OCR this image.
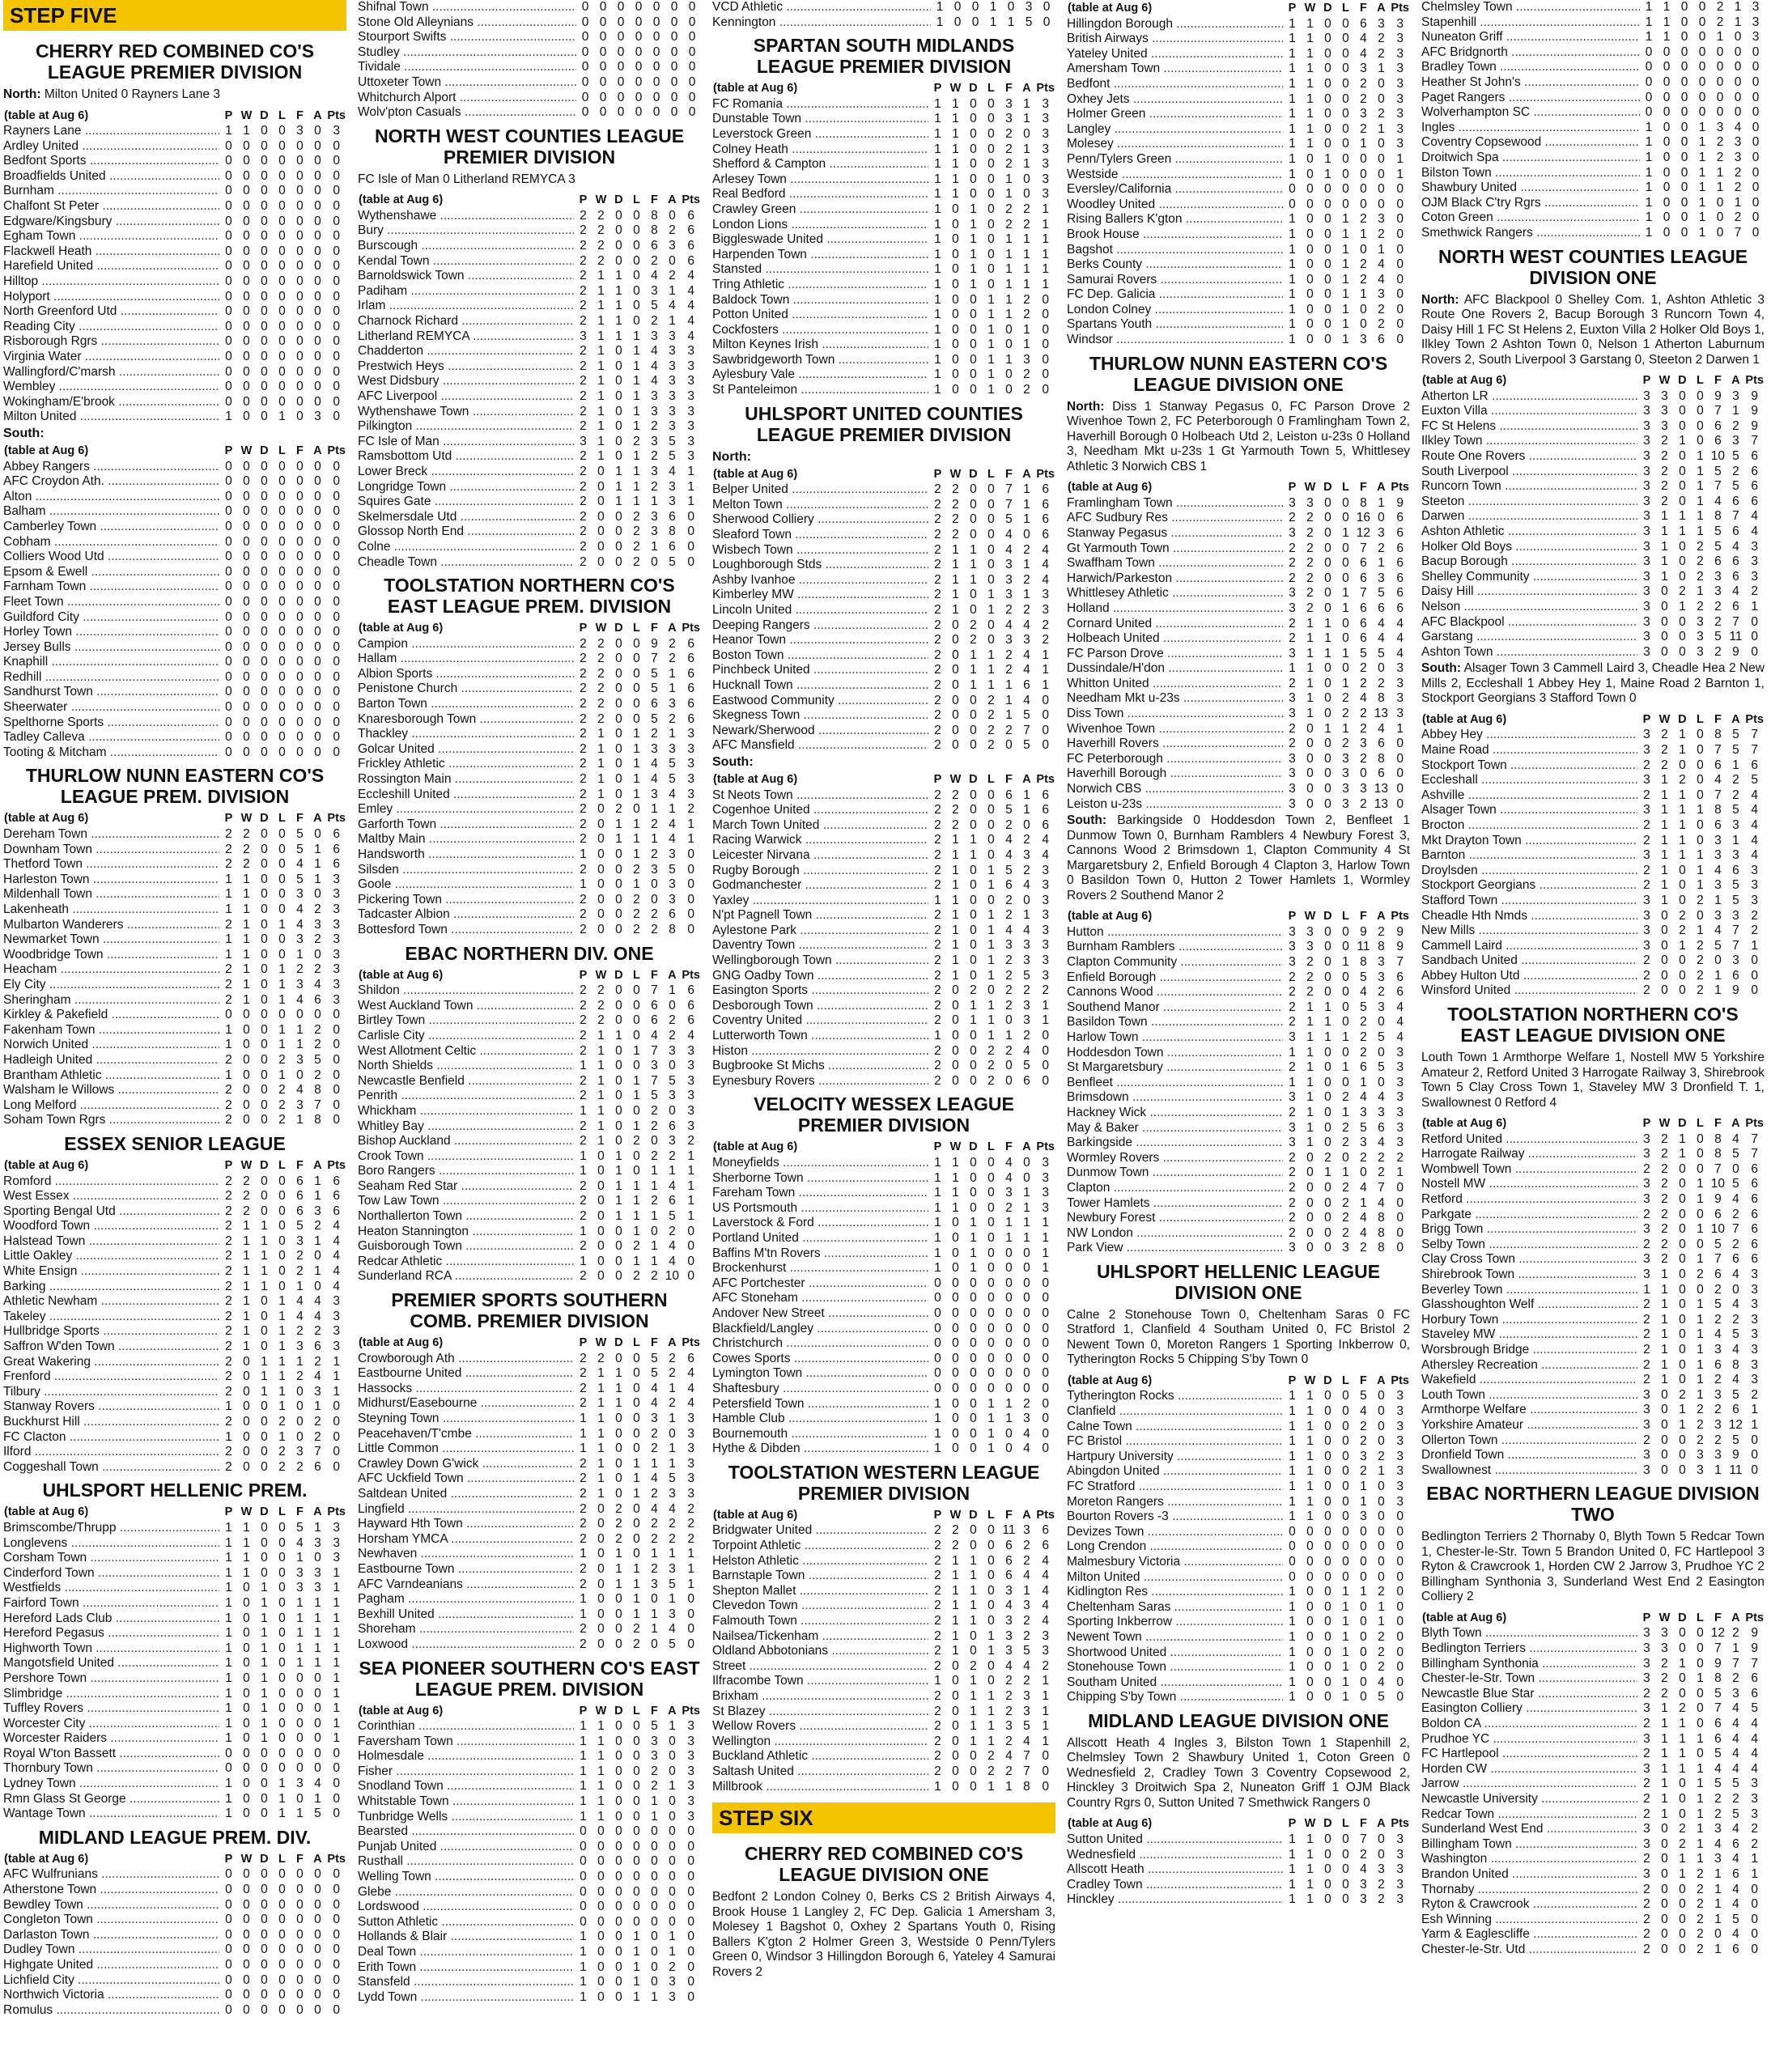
STEP FIVE
CHERRY RED COMBINED CO'S LEAGUE PREMIER DIVISION

North: Milton United 0 Rayners Lane 3

(table at Aug 6)	P	W	D	L	F	A	Pts
Rayners Lane .....	1	1	0	0	3	0	3
Ardley United .....	0	0	0	0	0	0	0
Bedfont Sports .....	0	0	0	0	0	0	0
Broadfields United .....	0	0	0	0	0	0	0
Burnham .....	0	0	0	0	0	0	0
Chalfont St Peter .....	0	0	0	0	0	0	0
Edgware/Kingsbury .....	0	0	0	0	0	0	0
Egham Town .....	0	0	0	0	0	0	0
Flackwell Heath .....	0	0	0	0	0	0	0
Harefield United .....	0	0	0	0	0	0	0
Hilltop .....	0	0	0	0	0	0	0
Holyport .....	0	0	0	0	0	0	0
North Greenford Utd .....	0	0	0	0	0	0	0
Reading City .....	0	0	0	0	0	0	0
Risborough Rgrs .....	0	0	0	0	0	0	0
Virginia Water .....	0	0	0	0	0	0	0
Wallingford/C'marsh .....	0	0	0	0	0	0	0
Wembley .....	0	0	0	0	0	0	0
Wokingham/E'brook .....	0	0	0	0	0	0	0
Milton United .....	1	0	0	1	0	3	0
South:
(table at Aug 6)	P	W	D	L	F	A	Pts
Abbey Rangers .....	0	0	0	0	0	0	0
AFC Croydon Ath. .....	0	0	0	0	0	0	0
Alton .....	0	0	0	0	0	0	0
Balham .....	0	0	0	0	0	0	0
Camberley Town .....	0	0	0	0	0	0	0
Cobham .....	0	0	0	0	0	0	0
Colliers Wood Utd .....	0	0	0	0	0	0	0
Epsom & Ewell .....	0	0	0	0	0	0	0
Farnham Town .....	0	0	0	0	0	0	0
Fleet Town .....	0	0	0	0	0	0	0
Guildford City .....	0	0	0	0	0	0	0
Horley Town .....	0	0	0	0	0	0	0
Jersey Bulls .....	0	0	0	0	0	0	0
Knaphill .....	0	0	0	0	0	0	0
Redhill .....	0	0	0	0	0	0	0
Sandhurst Town .....	0	0	0	0	0	0	0
Sheerwater .....	0	0	0	0	0	0	0
Spelthorne Sports .....	0	0	0	0	0	0	0
Tadley Calleva .....	0	0	0	0	0	0	0
Tooting & Mitcham .....	0	0	0	0	0	0	0
THURLOW NUNN EASTERN CO'S LEAGUE PREM. DIVISION
(table at Aug 6)	P	W	D	L	F	A	Pts
Dereham Town .....	2	2	0	0	5	0	6
Downham Town .....	2	2	0	0	5	1	6
Thetford Town .....	2	2	0	0	4	1	6
Harleston Town .....	1	1	0	0	5	1	3
Mildenhall Town .....	1	1	0	0	3	0	3
Lakenheath .....	1	1	0	0	4	2	3
Mulbarton Wanderers .....	2	1	0	1	4	3	3
Newmarket Town .....	1	1	0	0	3	2	3
Woodbridge Town .....	1	1	0	0	1	0	3
Heacham .....	2	1	0	1	2	2	3
Ely City .....	2	1	0	1	3	4	3
Sheringham .....	2	1	0	1	4	6	3
Kirkley & Pakefield .....	0	0	0	0	0	0	0
Fakenham Town .....	1	0	0	1	1	2	0
Norwich United .....	1	0	0	1	1	2	0
Hadleigh United .....	2	0	0	2	3	5	0
Brantham Athletic .....	1	0	0	1	0	2	0
Walsham le Willows .....	2	0	0	2	4	8	0
Long Melford .....	2	0	0	2	3	7	0
Soham Town Rgrs .....	2	0	0	2	1	8	0
ESSEX SENIOR LEAGUE
(table at Aug 6)	P	W	D	L	F	A	Pts
Romford .....	2	2	0	0	6	1	6
West Essex .....	2	2	0	0	6	1	6
Sporting Bengal Utd .....	2	2	0	0	6	3	6
Woodford Town .....	2	1	1	0	5	2	4
Halstead Town .....	2	1	1	0	3	1	4
Little Oakley .....	2	1	1	0	2	0	4
White Ensign .....	2	1	1	0	2	1	4
Barking .....	2	1	1	0	1	0	4
Athletic Newham .....	2	1	0	1	4	4	3
Takeley .....	2	1	0	1	4	4	3
Hullbridge Sports .....	2	1	0	1	2	2	3
Saffron W'den Town .....	2	1	0	1	3	6	3
Great Wakering .....	2	0	1	1	1	2	1
Frenford .....	2	0	1	1	2	4	1
Tilbury .....	2	0	1	1	0	3	1
Stanway Rovers .....	1	0	0	1	0	1	0
Buckhurst Hill .....	2	0	0	2	0	2	0
FC Clacton .....	1	0	0	1	0	2	0
Ilford .....	2	0	0	2	3	7	0
Coggeshall Town .....	2	0	0	2	2	6	0
UHLSPORT HELLENIC PREM.
(table at Aug 6)	P	W	D	L	F	A	Pts
Brimscombe/Thrupp .....	1	1	0	0	5	1	3
Longlevens .....	1	1	0	0	4	3	3
Corsham Town .....	1	1	0	0	1	0	3
Cinderford Town .....	1	1	0	0	3	3	1
Westfields .....	1	0	1	0	3	3	1
Fairford Town .....	1	0	1	0	1	1	1
Hereford Lads Club .....	1	0	1	0	1	1	1
Hereford Pegasus .....	1	0	1	0	1	1	1
Highworth Town .....	1	0	1	0	1	1	1
Mangotsfield United .....	1	0	1	0	1	1	1
Pershore Town .....	1	0	1	0	0	0	1
Slimbridge .....	1	0	1	0	0	0	1
Tuffley Rovers .....	1	0	1	0	0	0	1
Worcester City .....	1	0	1	0	0	0	1
Worcester Raiders .....	1	0	1	0	0	0	1
Royal W'ton Bassett .....	0	0	0	0	0	0	0
Thornbury Town .....	0	0	0	0	0	0	0
Lydney Town .....	1	0	0	1	3	4	0
Rmn Glass St George .....	1	0	0	1	0	1	0
Wantage Town .....	1	0	0	1	1	5	0
MIDLAND LEAGUE PREM. DIV.
(table at Aug 6)	P	W	D	L	F	A	Pts
AFC Wulfrunians .....	0	0	0	0	0	0	0
Atherstone Town .....	0	0	0	0	0	0	0
Bewdley Town .....	0	0	0	0	0	0	0
Congleton Town .....	0	0	0	0	0	0	0
Darlaston Town .....	0	0	0	0	0	0	0
Dudley Town .....	0	0	0	0	0	0	0
Highgate United .....	0	0	0	0	0	0	0
Lichfield City .....	0	0	0	0	0	0	0
Northwich Victoria .....	0	0	0	0	0	0	0
Romulus .....	0	0	0	0	0	0	0
Shifnal Town .....	0	0	0	0	0	0	0
Stone Old Alleynians .....	0	0	0	0	0	0	0
Stourport Swifts .....	0	0	0	0	0	0	0
Studley .....	0	0	0	0	0	0	0
Tividale .....	0	0	0	0	0	0	0
Uttoxeter Town .....	0	0	0	0	0	0	0
Whitchurch Alport .....	0	0	0	0	0	0	0
Wolv'pton Casuals .....	0	0	0	0	0	0	0
NORTH WEST COUNTIES LEAGUE PREMIER DIVISION

FC Isle of Man 0 Litherland REMYCA 3

(table at Aug 6)	P	W	D	L	F	A	Pts
Wythenshawe .....	2	2	0	0	8	0	6
Bury .....	2	2	0	0	8	2	6
Burscough .....	2	2	0	0	6	3	6
Kendal Town .....	2	2	0	0	2	0	6
Barnoldswick Town .....	2	1	1	0	4	2	4
Padiham .....	2	1	1	0	3	1	4
Irlam .....	2	1	1	0	5	4	4
Charnock Richard .....	2	1	1	0	2	1	4
Litherland REMYCA .....	3	1	1	1	3	3	4
Chadderton .....	2	1	0	1	4	3	3
Prestwich Heys .....	2	1	0	1	4	3	3
West Didsbury .....	2	1	0	1	4	3	3
AFC Liverpool .....	2	1	0	1	3	3	3
Wythenshawe Town .....	2	1	0	1	3	3	3
Pilkington .....	2	1	0	1	2	3	3
FC Isle of Man .....	3	1	0	2	3	5	3
Ramsbottom Utd .....	2	1	0	1	2	5	3
Lower Breck .....	2	0	1	1	3	4	1
Longridge Town .....	2	0	1	1	2	3	1
Squires Gate .....	2	0	1	1	1	3	1
Skelmersdale Utd .....	2	0	0	2	3	6	0
Glossop North End .....	2	0	0	2	3	8	0
Colne .....	2	0	0	2	1	6	0
Cheadle Town .....	2	0	0	2	0	5	0
TOOLSTATION NORTHERN CO'S EAST LEAGUE PREM. DIVISION
(table at Aug 6)	P	W	D	L	F	A	Pts
Campion .....	2	2	0	0	9	2	6
Hallam .....	2	2	0	0	7	2	6
Albion Sports .....	2	2	0	0	5	1	6
Penistone Church .....	2	2	0	0	5	1	6
Barton Town .....	2	2	0	0	6	3	6
Knaresborough Town .....	2	2	0	0	5	2	6
Thackley .....	2	1	0	1	2	1	3
Golcar United .....	2	1	0	1	3	3	3
Frickley Athletic .....	2	1	0	1	4	5	3
Rossington Main .....	2	1	0	1	4	5	3
Eccleshill United .....	2	1	0	1	3	4	3
Emley .....	2	0	2	0	1	1	2
Garforth Town .....	2	0	1	1	2	4	1
Maltby Main .....	2	0	1	1	1	4	1
Handsworth .....	1	0	0	1	2	3	0
Silsden .....	2	0	0	2	3	5	0
Goole .....	1	0	0	1	0	3	0
Pickering Town .....	2	0	0	2	0	3	0
Tadcaster Albion .....	2	0	0	2	2	6	0
Bottesford Town .....	2	0	0	2	2	8	0
EBAC NORTHERN DIV. ONE
(table at Aug 6)	P	W	D	L	F	A	Pts
Shildon .....	2	2	0	0	7	1	6
West Auckland Town .....	2	2	0	0	6	0	6
Birtley Town .....	2	2	0	0	6	2	6
Carlisle City .....	2	1	1	0	4	2	4
West Allotment Celtic .....	2	1	0	1	7	3	3
North Shields .....	1	1	0	0	3	0	3
Newcastle Benfield .....	2	1	0	1	7	5	3
Penrith .....	2	1	0	1	5	3	3
Whickham .....	1	1	0	0	2	0	3
Whitley Bay .....	2	1	0	1	2	6	3
Bishop Auckland .....	2	1	0	2	0	3	2
Crook Town .....	1	0	1	0	2	2	1
Boro Rangers .....	1	0	1	0	1	1	1
Seaham Red Star .....	2	0	1	1	1	4	1
Tow Law Town .....	2	0	1	1	2	6	1
Northallerton Town .....	2	0	1	1	1	5	1
Heaton Stannington .....	1	0	0	1	0	2	0
Guisborough Town .....	2	0	0	2	1	4	0
Redcar Athletic .....	1	0	0	1	1	4	0
Sunderland RCA .....	2	0	0	2	2	10	0
PREMIER SPORTS SOUTHERN COMB. PREMIER DIVISION
(table at Aug 6)	P	W	D	L	F	A	Pts
Crowborough Ath .....	2	2	0	0	5	2	6
Eastbourne United .....	2	1	1	0	5	2	4
Hassocks .....	2	1	1	0	4	1	4
Midhurst/Easebourne .....	2	1	1	0	4	2	4
Steyning Town .....	1	1	0	0	3	1	3
Peacehaven/T'cmbe .....	1	1	0	0	2	0	3
Little Common .....	1	1	0	0	2	1	3
Crawley Down G'wick .....	2	1	0	1	1	1	3
AFC Uckfield Town .....	2	1	0	1	4	5	3
Saltdean United .....	2	1	0	1	2	3	3
Lingfield .....	2	0	2	0	4	4	2
Hayward Hth Town .....	2	0	2	0	2	2	2
Horsham YMCA .....	2	0	2	0	2	2	2
Newhaven .....	1	0	1	0	1	1	1
Eastbourne Town .....	2	0	1	1	2	3	1
AFC Varndeanians .....	2	0	1	1	3	5	1
Pagham .....	1	0	0	1	0	1	0
Bexhill United .....	1	0	0	1	1	3	0
Shoreham .....	2	0	0	2	1	4	0
Loxwood .....	2	0	0	2	0	5	0
SEA PIONEER SOUTHERN CO'S EAST LEAGUE PREM. DIVISION
(table at Aug 6)	P	W	D	L	F	A	Pts
Corinthian .....	1	1	0	0	5	1	3
Faversham Town .....	1	1	0	0	3	0	3
Holmesdale .....	1	1	0	0	3	0	3
Fisher .....	1	1	0	0	2	0	3
Snodland Town .....	1	1	0	0	2	1	3
Whitstable Town .....	1	1	0	0	1	0	3
Tunbridge Wells .....	1	1	0	0	1	0	3
Bearsted .....	0	0	0	0	0	0	0
Punjab United .....	0	0	0	0	0	0	0
Rusthall .....	0	0	0	0	0	0	0
Welling Town .....	0	0	0	0	0	0	0
Glebe .....	0	0	0	0	0	0	0
Lordswood .....	0	0	0	0	0	0	0
Sutton Athletic .....	0	0	0	0	0	0	0
Hollands & Blair .....	1	0	0	1	0	1	0
Deal Town .....	1	0	0	1	0	1	0
Erith Town .....	1	0	0	1	0	2	0
Stansfeld .....	1	0	0	1	0	3	0
Lydd Town .....	1	0	0	1	1	3	0
VCD Athletic .....	1	0	0	1	0	3	0
Kennington .....	1	0	0	1	1	5	0
SPARTAN SOUTH MIDLANDS LEAGUE PREMIER DIVISION
(table at Aug 6)	P	W	D	L	F	A	Pts
FC Romania .....	1	1	0	0	3	1	3
Dunstable Town .....	1	1	0	0	3	1	3
Leverstock Green .....	1	1	0	0	2	0	3
Colney Heath .....	1	1	0	0	2	1	3
Shefford & Campton .....	1	1	0	0	2	1	3
Arlesey Town .....	1	1	0	0	1	0	3
Real Bedford .....	1	1	0	0	1	0	3
Crawley Green .....	1	0	1	0	2	2	1
London Lions .....	1	0	1	0	2	2	1
Biggleswade United .....	1	0	1	0	1	1	1
Harpenden Town .....	1	0	1	0	1	1	1
Stansted .....	1	0	1	0	1	1	1
Tring Athletic .....	1	0	1	0	1	1	1
Baldock Town .....	1	0	0	1	1	2	0
Potton United .....	1	0	0	1	1	2	0
Cockfosters .....	1	0	0	1	0	1	0
Milton Keynes Irish .....	1	0	0	1	0	1	0
Sawbridgeworth Town .....	1	0	0	1	1	3	0
Aylesbury Vale .....	1	0	0	1	0	2	0
St Panteleimon .....	1	0	0	1	0	2	0
UHLSPORT UNITED COUNTIES LEAGUE PREMIER DIVISION
North:
(table at Aug 6)	P	W	D	L	F	A	Pts
Belper United .....	2	2	0	0	7	1	6
Melton Town .....	2	2	0	0	7	1	6
Sherwood Colliery .....	2	2	0	0	5	1	6
Sleaford Town .....	2	2	0	0	4	0	6
Wisbech Town .....	2	1	1	0	4	2	4
Loughborough Stds .....	2	1	1	0	3	1	4
Ashby Ivanhoe .....	2	1	1	0	3	2	4
Kimberley MW .....	2	1	0	1	3	1	3
Lincoln United .....	2	1	0	1	2	2	3
Deeping Rangers .....	2	0	2	0	4	4	2
Heanor Town .....	2	0	2	0	3	3	2
Boston Town .....	2	0	1	1	2	4	1
Pinchbeck United .....	2	0	1	1	2	4	1
Hucknall Town .....	2	0	1	1	1	6	1
Eastwood Community .....	2	0	0	2	1	4	0
Skegness Town .....	2	0	0	2	1	5	0
Newark/Sherwood .....	2	0	0	2	2	7	0
AFC Mansfield .....	2	0	0	2	0	5	0
South:
(table at Aug 6)	P	W	D	L	F	A	Pts
St Neots Town .....	2	2	0	0	6	1	6
Cogenhoe United .....	2	2	0	0	5	1	6
March Town United .....	2	2	0	0	2	0	6
Racing Warwick .....	2	1	1	0	4	2	4
Leicester Nirvana .....	2	1	1	0	4	3	4
Rugby Borough .....	2	1	0	1	5	2	3
Godmanchester .....	2	1	0	1	6	4	3
Yaxley .....	1	1	0	0	2	0	3
N'pt Pagnell Town .....	2	1	0	1	2	1	3
Aylestone Park .....	2	1	0	1	4	4	3
Daventry Town .....	2	1	0	1	3	3	3
Wellingborough Town .....	2	1	0	1	2	3	3
GNG Oadby Town .....	2	1	0	1	2	5	3
Easington Sports .....	2	0	2	0	2	2	2
Desborough Town .....	2	0	1	1	2	3	1
Coventry United .....	2	0	1	1	0	3	1
Lutterworth Town .....	1	0	0	1	1	2	0
Histon .....	2	0	0	2	2	4	0
Bugbrooke St Michs .....	2	0	0	2	0	5	0
Eynesbury Rovers .....	2	0	0	2	0	6	0
VELOCITY WESSEX LEAGUE PREMIER DIVISION
(table at Aug 6)	P	W	D	L	F	A	Pts
Moneyfields .....	1	1	0	0	4	0	3
Sherborne Town .....	1	1	0	0	4	0	3
Fareham Town .....	1	1	0	0	3	1	3
US Portsmouth .....	1	1	0	0	2	1	3
Laverstock & Ford .....	1	0	1	0	1	1	1
Portland United .....	1	0	1	0	1	1	1
Baffins M'tn Rovers .....	1	0	1	0	0	0	1
Brockenhurst .....	1	0	1	0	0	0	1
AFC Portchester .....	0	0	0	0	0	0	0
AFC Stoneham .....	0	0	0	0	0	0	0
Andover New Street .....	0	0	0	0	0	0	0
Blackfield/Langley .....	0	0	0	0	0	0	0
Christchurch .....	0	0	0	0	0	0	0
Cowes Sports .....	0	0	0	0	0	0	0
Lymington Town .....	0	0	0	0	0	0	0
Shaftesbury .....	0	0	0	0	0	0	0
Petersfield Town .....	1	0	0	1	1	2	0
Hamble Club .....	1	0	0	1	1	3	0
Bournemouth .....	1	0	0	1	0	4	0
Hythe & Dibden .....	1	0	0	1	0	4	0
TOOLSTATION WESTERN LEAGUE PREMIER DIVISION
(table at Aug 6)	P	W	D	L	F	A	Pts
Bridgwater United .....	2	2	0	0	11	3	6
Torpoint Athletic .....	2	2	0	0	6	2	6
Helston Athletic .....	2	1	1	0	6	2	4
Barnstaple Town .....	2	1	1	0	6	4	4
Shepton Mallet .....	2	1	1	0	3	1	4
Clevedon Town .....	2	1	1	0	4	3	4
Falmouth Town .....	2	1	1	0	3	2	4
Nailsea/Tickenham .....	2	1	0	1	3	2	3
Oldland Abbotonians .....	2	1	0	1	3	5	3
Street .....	2	0	2	0	4	4	2
Ilfracombe Town .....	1	0	1	0	2	2	1
Brixham .....	2	0	1	1	2	3	1
St Blazey .....	2	0	1	1	2	3	1
Wellow Rovers .....	2	0	1	1	3	5	1
Wellington .....	2	0	1	1	2	4	1
Buckland Athletic .....	2	0	0	2	4	7	0
Saltash United .....	2	0	0	2	2	7	0
Millbrook .....	1	0	0	1	1	8	0
STEP SIX
CHERRY RED COMBINED CO'S LEAGUE DIVISION ONE

Bedfont 2 London Colney 0, Berks CS 2 British Airways 4, Brook House 1 Langley 2, FC Dep. Galicia 1 Amersham 3, Molesey 1 Bagshot 0, Oxhey 2 Spartans Youth 0, Rising Ballers K'gton 2 Holmer Green 3, Westside 0 Penn/Tylers Green 0, Windsor 3 Hillingdon Borough 6, Yateley 4 Samurai Rovers 2

(table at Aug 6)	P	W	D	L	F	A	Pts
Hillingdon Borough .....	1	1	0	0	6	3	3
British Airways .....	1	1	0	0	4	2	3
Yateley United .....	1	1	0	0	4	2	3
Amersham Town .....	1	1	0	0	3	1	3
Bedfont .....	1	1	0	0	2	0	3
Oxhey Jets .....	1	1	0	0	2	0	3
Holmer Green .....	1	1	0	0	3	2	3
Langley .....	1	1	0	0	2	1	3
Molesey .....	1	1	0	0	1	0	3
Penn/Tylers Green .....	1	0	1	0	0	0	1
Westside .....	1	0	1	0	0	0	1
Eversley/California .....	0	0	0	0	0	0	0
Woodley United .....	0	0	0	0	0	0	0
Rising Ballers K'gton .....	1	0	0	1	2	3	0
Brook House .....	1	0	0	1	1	2	0
Bagshot .....	1	0	0	1	0	1	0
Berks County .....	1	0	0	1	2	4	0
Samurai Rovers .....	1	0	0	1	2	4	0
FC Dep. Galicia .....	1	0	0	1	1	3	0
London Colney .....	1	0	0	1	0	2	0
Spartans Youth .....	1	0	0	1	0	2	0
Windsor .....	1	0	0	1	3	6	0
THURLOW NUNN EASTERN CO'S LEAGUE DIVISION ONE

North: Diss 1 Stanway Pegasus 0, FC Parson Drove 2 Wivenhoe Town 2, FC Peterborough 0 Framlingham Town 2, Haverhill Borough 0 Holbeach Utd 2, Leiston u-23s 0 Holland 3, Needham Mkt u-23s 1 Gt Yarmouth Town 5, Whittlesey Athletic 3 Norwich CBS 1

(table at Aug 6)	P	W	D	L	F	A	Pts
Framlingham Town .....	3	3	0	0	8	1	9
AFC Sudbury Res .....	2	2	0	0	16	0	6
Stanway Pegasus .....	3	2	0	1	12	3	6
Gt Yarmouth Town .....	2	2	0	0	7	2	6
Swaffham Town .....	2	2	0	0	6	1	6
Harwich/Parkeston .....	2	2	0	0	6	3	6
Whittlesey Athletic .....	3	2	0	1	7	5	6
Holland .....	3	2	0	1	6	6	6
Cornard United .....	2	1	1	0	6	4	4
Holbeach United .....	2	1	1	0	6	4	4
FC Parson Drove .....	3	1	1	1	5	5	4
Dussindale/H'don .....	1	1	0	0	2	0	3
Whitton United .....	2	1	0	1	2	2	3
Needham Mkt u-23s .....	3	1	0	2	4	8	3
Diss Town .....	3	1	0	2	2	13	3
Wivenhoe Town .....	2	0	1	1	2	4	1
Haverhill Rovers .....	2	0	0	2	3	6	0
FC Peterborough .....	3	0	0	3	2	8	0
Haverhill Borough .....	3	0	0	3	0	6	0
Norwich CBS .....	3	0	0	3	3	13	0
Leiston u-23s .....	3	0	0	3	2	13	0

South: Barkingside 0 Hoddesdon Town 2, Benfleet 1 Dunmow Town 0, Burnham Ramblers 4 Newbury Forest 3, Cannons Wood 2 Brimsdown 1, Clapton Community 4 St Margaretsbury 2, Enfield Borough 4 Clapton 3, Harlow Town 0 Basildon Town 0, Hutton 2 Tower Hamlets 1, Wormley Rovers 2 Southend Manor 2

(table at Aug 6)	P	W	D	L	F	A	Pts
Hutton .....	3	3	0	0	9	2	9
Burnham Ramblers .....	3	3	0	0	11	8	9
Clapton Community .....	3	2	0	1	8	3	7
Enfield Borough .....	2	2	0	0	5	3	6
Cannons Wood .....	2	2	0	0	4	2	6
Southend Manor .....	2	1	1	0	5	3	4
Basildon Town .....	2	1	1	0	2	0	4
Harlow Town .....	3	1	1	1	2	5	4
Hoddesdon Town .....	1	1	0	0	2	0	3
St Margaretsbury .....	2	1	0	1	6	5	3
Benfleet .....	1	1	0	0	1	0	3
Brimsdown .....	3	1	0	2	4	4	3
Hackney Wick .....	2	1	0	1	3	3	3
May & Baker .....	3	1	0	2	5	6	3
Barkingside .....	3	1	0	2	3	4	3
Wormley Rovers .....	2	0	2	0	2	2	2
Dunmow Town .....	2	0	1	1	0	2	1
Clapton .....	2	0	0	2	4	7	0
Tower Hamlets .....	2	0	0	2	1	4	0
Newbury Forest .....	2	0	0	2	4	8	0
NW London .....	2	0	0	2	4	8	0
Park View .....	3	0	0	3	2	8	0
UHLSPORT HELLENIC LEAGUE DIVISION ONE

Calne 2 Stonehouse Town 0, Cheltenham Saras 0 FC Stratford 1, Clanfield 4 Southam United 0, FC Bristol 2 Newent Town 0, Moreton Rangers 1 Sporting Inkberrow 0, Tytherington Rocks 5 Chipping S'by Town 0

(table at Aug 6)	P	W	D	L	F	A	Pts
Tytherington Rocks .....	1	1	0	0	5	0	3
Clanfield .....	1	1	0	0	4	0	3
Calne Town .....	1	1	0	0	2	0	3
FC Bristol .....	1	1	0	0	2	0	3
Hartpury University .....	1	1	0	0	3	2	3
Abingdon United .....	1	1	0	0	2	1	3
FC Stratford .....	1	1	0	0	1	0	3
Moreton Rangers .....	1	1	0	0	1	0	3
Bourton Rovers -3 .....	1	1	0	0	3	0	0
Devizes Town .....	0	0	0	0	0	0	0
Long Crendon .....	0	0	0	0	0	0	0
Malmesbury Victoria .....	0	0	0	0	0	0	0
Milton United .....	0	0	0	0	0	0	0
Kidlington Res .....	1	0	0	1	1	2	0
Cheltenham Saras .....	1	0	0	1	0	1	0
Sporting Inkberrow .....	1	0	0	1	0	1	0
Newent Town .....	1	0	0	1	0	2	0
Shortwood United .....	1	0	0	1	0	2	0
Stonehouse Town .....	1	0	0	1	0	2	0
Southam United .....	1	0	0	1	0	4	0
Chipping S'by Town .....	1	0	0	1	0	5	0
MIDLAND LEAGUE DIVISION ONE

Allscott Heath 4 Ingles 3, Bilston Town 1 Stapenhill 2, Chelmsley Town 2 Shawbury United 1, Coton Green 0 Wednesfield 2, Cradley Town 3 Coventry Copsewood 2, Hinckley 3 Droitwich Spa 2, Nuneaton Griff 1 OJM Black Country Rgrs 0, Sutton United 7 Smethwick Rangers 0

(table at Aug 6)	P	W	D	L	F	A	Pts
Sutton United .....	1	1	0	0	7	0	3
Wednesfield .....	1	1	0	0	2	0	3
Allscott Heath .....	1	1	0	0	4	3	3
Cradley Town .....	1	1	0	0	3	2	3
Hinckley .....	1	1	0	0	3	2	3
Chelmsley Town .....	1	1	0	0	2	1	3
Stapenhill .....	1	1	0	0	2	1	3
Nuneaton Griff .....	1	1	0	0	1	0	3
AFC Bridgnorth .....	0	0	0	0	0	0	0
Bradley Town .....	0	0	0	0	0	0	0
Heather St John's .....	0	0	0	0	0	0	0
Paget Rangers .....	0	0	0	0	0	0	0
Wolverhampton SC .....	0	0	0	0	0	0	0
Ingles .....	1	0	0	1	3	4	0
Coventry Copsewood .....	1	0	0	1	2	3	0
Droitwich Spa .....	1	0	0	1	2	3	0
Bilston Town .....	1	0	0	1	1	2	0
Shawbury United .....	1	0	0	1	1	2	0
OJM Black C'try Rgrs .....	1	0	0	1	0	1	0
Coton Green .....	1	0	0	1	0	2	0
Smethwick Rangers .....	1	0	0	1	0	7	0
NORTH WEST COUNTIES LEAGUE DIVISION ONE

North: AFC Blackpool 0 Shelley Com. 1, Ashton Athletic 3 Route One Rovers 2, Bacup Borough 3 Runcorn Town 4, Daisy Hill 1 FC St Helens 2, Euxton Villa 2 Holker Old Boys 1, Ilkley Town 2 Ashton Town 0, Nelson 1 Atherton Laburnum Rovers 2, South Liverpool 3 Garstang 0, Steeton 2 Darwen 1

(table at Aug 6)	P	W	D	L	F	A	Pts
Atherton LR .....	3	3	0	0	9	3	9
Euxton Villa .....	3	3	0	0	7	1	9
FC St Helens .....	3	3	0	0	6	2	9
Ilkley Town .....	3	2	1	0	6	3	7
Route One Rovers .....	3	2	0	1	10	5	6
South Liverpool .....	3	2	0	1	5	2	6
Runcorn Town .....	3	2	0	1	7	5	6
Steeton .....	3	2	0	1	4	6	6
Darwen .....	3	1	1	1	8	7	4
Ashton Athletic .....	3	1	1	1	5	6	4
Holker Old Boys .....	3	1	0	2	5	4	3
Bacup Borough .....	3	1	0	2	6	6	3
Shelley Community .....	3	1	0	2	3	6	3
Daisy Hill .....	3	0	2	1	3	4	2
Nelson .....	3	0	1	2	2	6	1
AFC Blackpool .....	3	0	0	3	2	7	0
Garstang .....	3	0	0	3	5	11	0
Ashton Town .....	3	0	0	3	2	9	0

South: Alsager Town 3 Cammell Laird 3, Cheadle Hea 2 New Mills 2, Eccleshall 1 Abbey Hey 1, Maine Road 2 Barnton 1, Stockport Georgians 3 Stafford Town 0

(table at Aug 6)	P	W	D	L	F	A	Pts
Abbey Hey .....	3	2	1	0	8	5	7
Maine Road .....	3	2	1	0	7	5	7
Stockport Town .....	2	2	0	0	6	1	6
Eccleshall .....	3	1	2	0	4	2	5
Ashville .....	2	1	1	0	7	2	4
Alsager Town .....	3	1	1	1	8	5	4
Brocton .....	2	1	1	0	6	3	4
Mkt Drayton Town .....	2	1	1	0	3	1	4
Barnton .....	3	1	1	1	3	3	4
Droylsden .....	2	1	0	1	4	6	3
Stockport Georgians .....	2	1	0	1	3	5	3
Stafford Town .....	3	1	0	2	1	5	3
Cheadle Hth Nmds .....	3	0	2	0	3	3	2
New Mills .....	3	0	2	1	4	7	2
Cammell Laird .....	3	0	1	2	5	7	1
Sandbach United .....	2	0	0	2	0	3	0
Abbey Hulton Utd .....	2	0	0	2	1	6	0
Winsford United .....	2	0	0	2	1	9	0
TOOLSTATION NORTHERN CO'S EAST LEAGUE DIVISION ONE

Louth Town 1 Armthorpe Welfare 1, Nostell MW 5 Yorkshire Amateur 2, Retford United 3 Harrogate Railway 3, Shirebrook Town 5 Clay Cross Town 1, Staveley MW 3 Dronfield T. 1, Swallownest 0 Retford 4

(table at Aug 6)	P	W	D	L	F	A	Pts
Retford United .....	3	2	1	0	8	4	7
Harrogate Railway .....	3	2	1	0	8	5	7
Wombwell Town .....	2	2	0	0	7	0	6
Nostell MW .....	3	2	0	1	10	5	6
Retford .....	3	2	0	1	9	4	6
Parkgate .....	2	2	0	0	6	2	6
Brigg Town .....	3	2	0	1	10	7	6
Selby Town .....	2	2	0	0	5	2	6
Clay Cross Town .....	3	2	0	1	7	6	6
Shirebrook Town .....	3	1	0	2	6	4	3
Beverley Town .....	1	1	0	0	2	0	3
Glasshoughton Welf .....	2	1	0	1	5	4	3
Horbury Town .....	2	1	0	1	2	2	3
Staveley MW .....	2	1	0	1	4	5	3
Worsbrough Bridge .....	2	1	0	1	3	4	3
Athersley Recreation .....	2	1	0	1	6	8	3
Wakefield .....	2	1	0	1	2	4	3
Louth Town .....	3	0	2	1	3	5	2
Armthorpe Welfare .....	3	0	1	2	2	6	1
Yorkshire Amateur .....	3	0	1	2	3	12	1
Ollerton Town .....	2	0	0	2	2	5	0
Dronfield Town .....	3	0	0	3	3	9	0
Swallownest .....	3	0	0	3	1	11	0
EBAC NORTHERN LEAGUE DIVISION TWO

Bedlington Terriers 2 Thornaby 0, Blyth Town 5 Redcar Town 1, Chester-le-Str. Town 5 Brandon United 0, FC Hartlepool 3 Ryton & Crawcrook 1, Horden CW 2 Jarrow 3, Prudhoe YC 2 Billingham Synthonia 3, Sunderland West End 2 Easington Colliery 2

(table at Aug 6)	P	W	D	L	F	A	Pts
Blyth Town .....	3	3	0	0	12	2	9
Bedlington Terriers .....	3	3	0	0	7	1	9
Billingham Synthonia .....	3	2	1	0	9	7	7
Chester-le-Str. Town .....	3	2	0	1	8	2	6
Newcastle Blue Star .....	2	2	0	0	5	3	6
Easington Colliery .....	3	1	2	0	7	4	5
Boldon CA .....	2	1	1	0	6	4	4
Prudhoe YC .....	3	1	1	1	6	4	4
FC Hartlepool .....	2	1	1	0	5	4	4
Horden CW .....	3	1	1	1	4	4	4
Jarrow .....	2	1	0	1	5	5	3
Newcastle University .....	2	1	0	1	2	2	3
Redcar Town .....	2	1	0	1	2	5	3
Sunderland West End .....	3	0	2	1	3	4	2
Billingham Town .....	3	0	2	1	4	6	2
Washington .....	2	0	1	1	3	4	1
Brandon United .....	3	0	1	2	1	6	1
Thornaby .....	2	0	0	2	1	4	0
Ryton & Crawcrook .....	2	0	0	2	1	4	0
Esh Winning .....	2	0	0	2	1	5	0
Yarm & Eaglescliffe .....	2	0	0	2	0	4	0
Chester-le-Str. Utd .....	2	0	0	2	1	6	0
